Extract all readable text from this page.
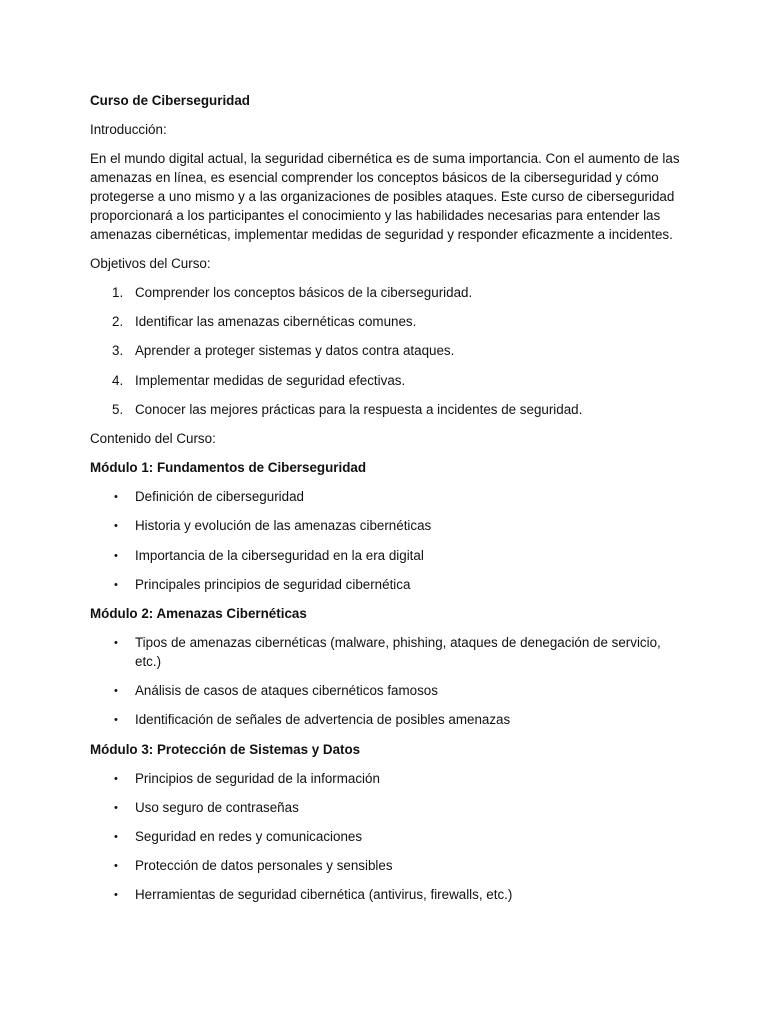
Curso de Ciberseguridad
Introducción:
En el mundo digital actual, la seguridad cibernética es de suma importancia. Con el aumento de las amenazas en línea, es esencial comprender los conceptos básicos de la ciberseguridad y cómo protegerse a uno mismo y a las organizaciones de posibles ataques. Este curso de ciberseguridad proporcionará a los participantes el conocimiento y las habilidades necesarias para entender las amenazas cibernéticas, implementar medidas de seguridad y responder eficazmente a incidentes.
Objetivos del Curso:
1. Comprender los conceptos básicos de la ciberseguridad.
2. Identificar las amenazas cibernéticas comunes.
3. Aprender a proteger sistemas y datos contra ataques.
4. Implementar medidas de seguridad efectivas.
5. Conocer las mejores prácticas para la respuesta a incidentes de seguridad.
Contenido del Curso:
Módulo 1: Fundamentos de Ciberseguridad
• Definición de ciberseguridad
• Historia y evolución de las amenazas cibernéticas
• Importancia de la ciberseguridad en la era digital
• Principales principios de seguridad cibernética
Módulo 2: Amenazas Cibernéticas
• Tipos de amenazas cibernéticas (malware, phishing, ataques de denegación de servicio, etc.)
• Análisis de casos de ataques cibernéticos famosos
• Identificación de señales de advertencia de posibles amenazas
Módulo 3: Protección de Sistemas y Datos
• Principios de seguridad de la información
• Uso seguro de contraseñas
• Seguridad en redes y comunicaciones
• Protección de datos personales y sensibles
• Herramientas de seguridad cibernética (antivirus, firewalls, etc.)
